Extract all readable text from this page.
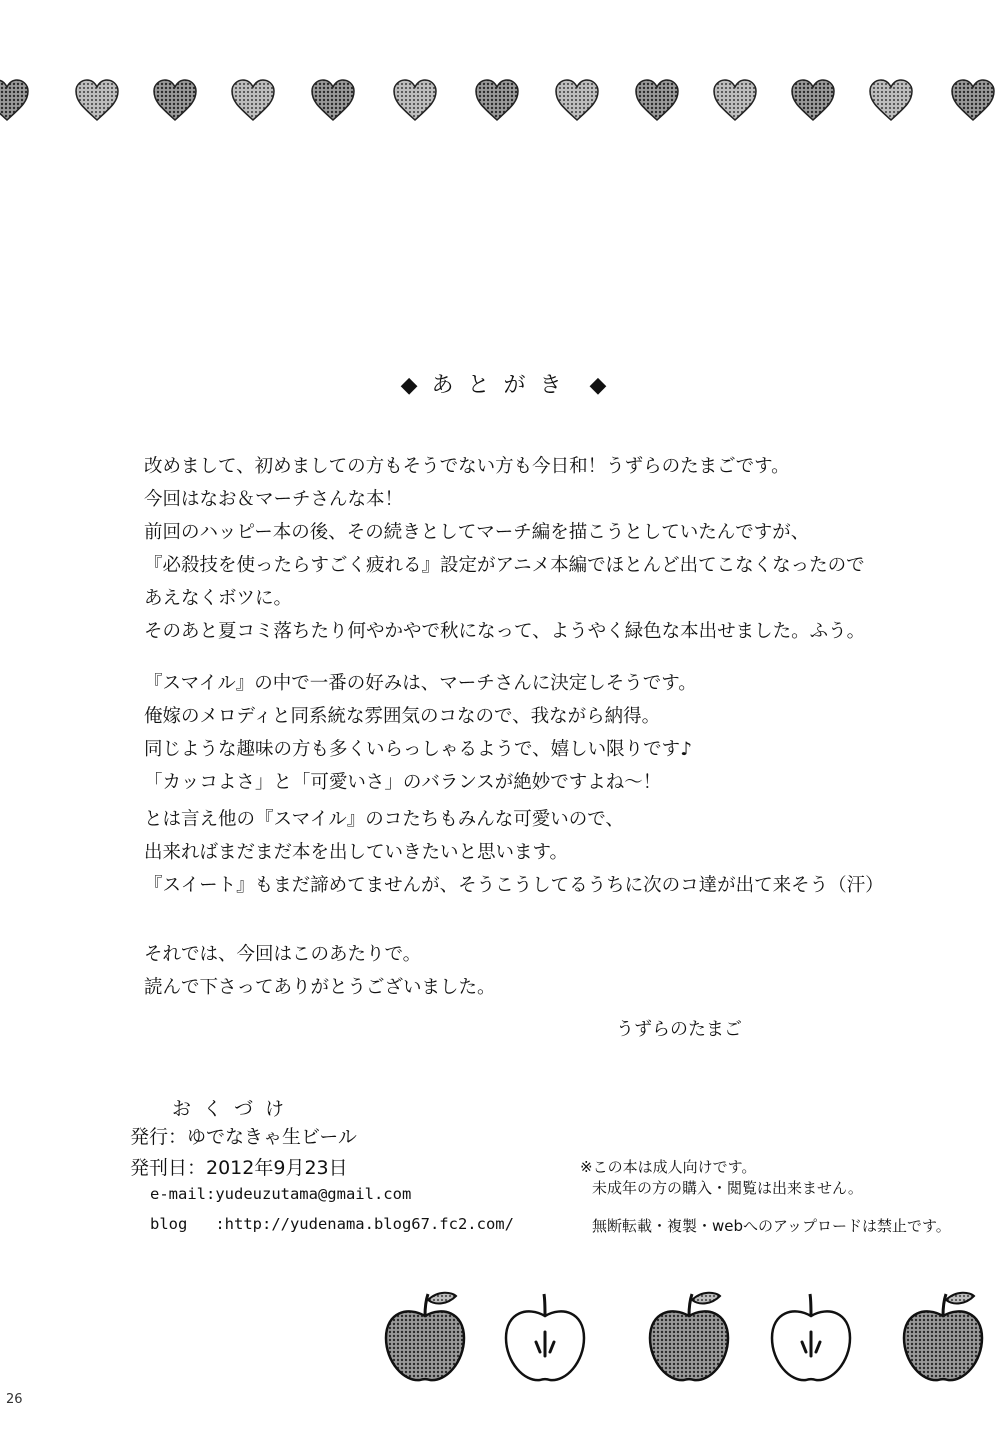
◆ あとがき ◆

改めまして、初めましての方もそうでない方も今日和！うずらのたまごです。
今回はなお＆マーチさんな本！
前回のハッピー本の後、その続きとしてマーチ編を描こうとしていたんですが、
『必殺技を使ったらすごく疲れる』設定がアニメ本編でほとんど出てこなくなったので
あえなくボツに。
そのあと夏コミ落ちたり何やかやで秋になって、ようやく緑色な本出せました。ふう。

『スマイル』の中で一番の好みは、マーチさんに決定しそうです。
俺嫁のメロディと同系統な雰囲気のコなので、我ながら納得。
同じような趣味の方も多くいらっしゃるようで、嬉しい限りです♪
「カッコよさ」と「可愛いさ」のバランスが絶妙ですよね～！

とは言え他の『スマイル』のコたちもみんな可愛いので、
出来ればまだまだ本を出していきたいと思います。
『スイート』もまだ諦めてませんが、そうこうしてるうちに次のコ達が出て来そう（汗）

それでは、今回はこのあたりで。
読んで下さってありがとうございました。

うずらのたまご
おくづけ
発行：ゆでなきゃ生ビール
発刊日：2012年9月23日
e-mail:yudeuzutama@gmail.com
blog   :http://yudenama.blog67.fc2.com/
※この本は成人向けです。
未成年の方の購入・閲覧は出来ません。
無断転載・複製・webへのアップロードは禁止です。
26
